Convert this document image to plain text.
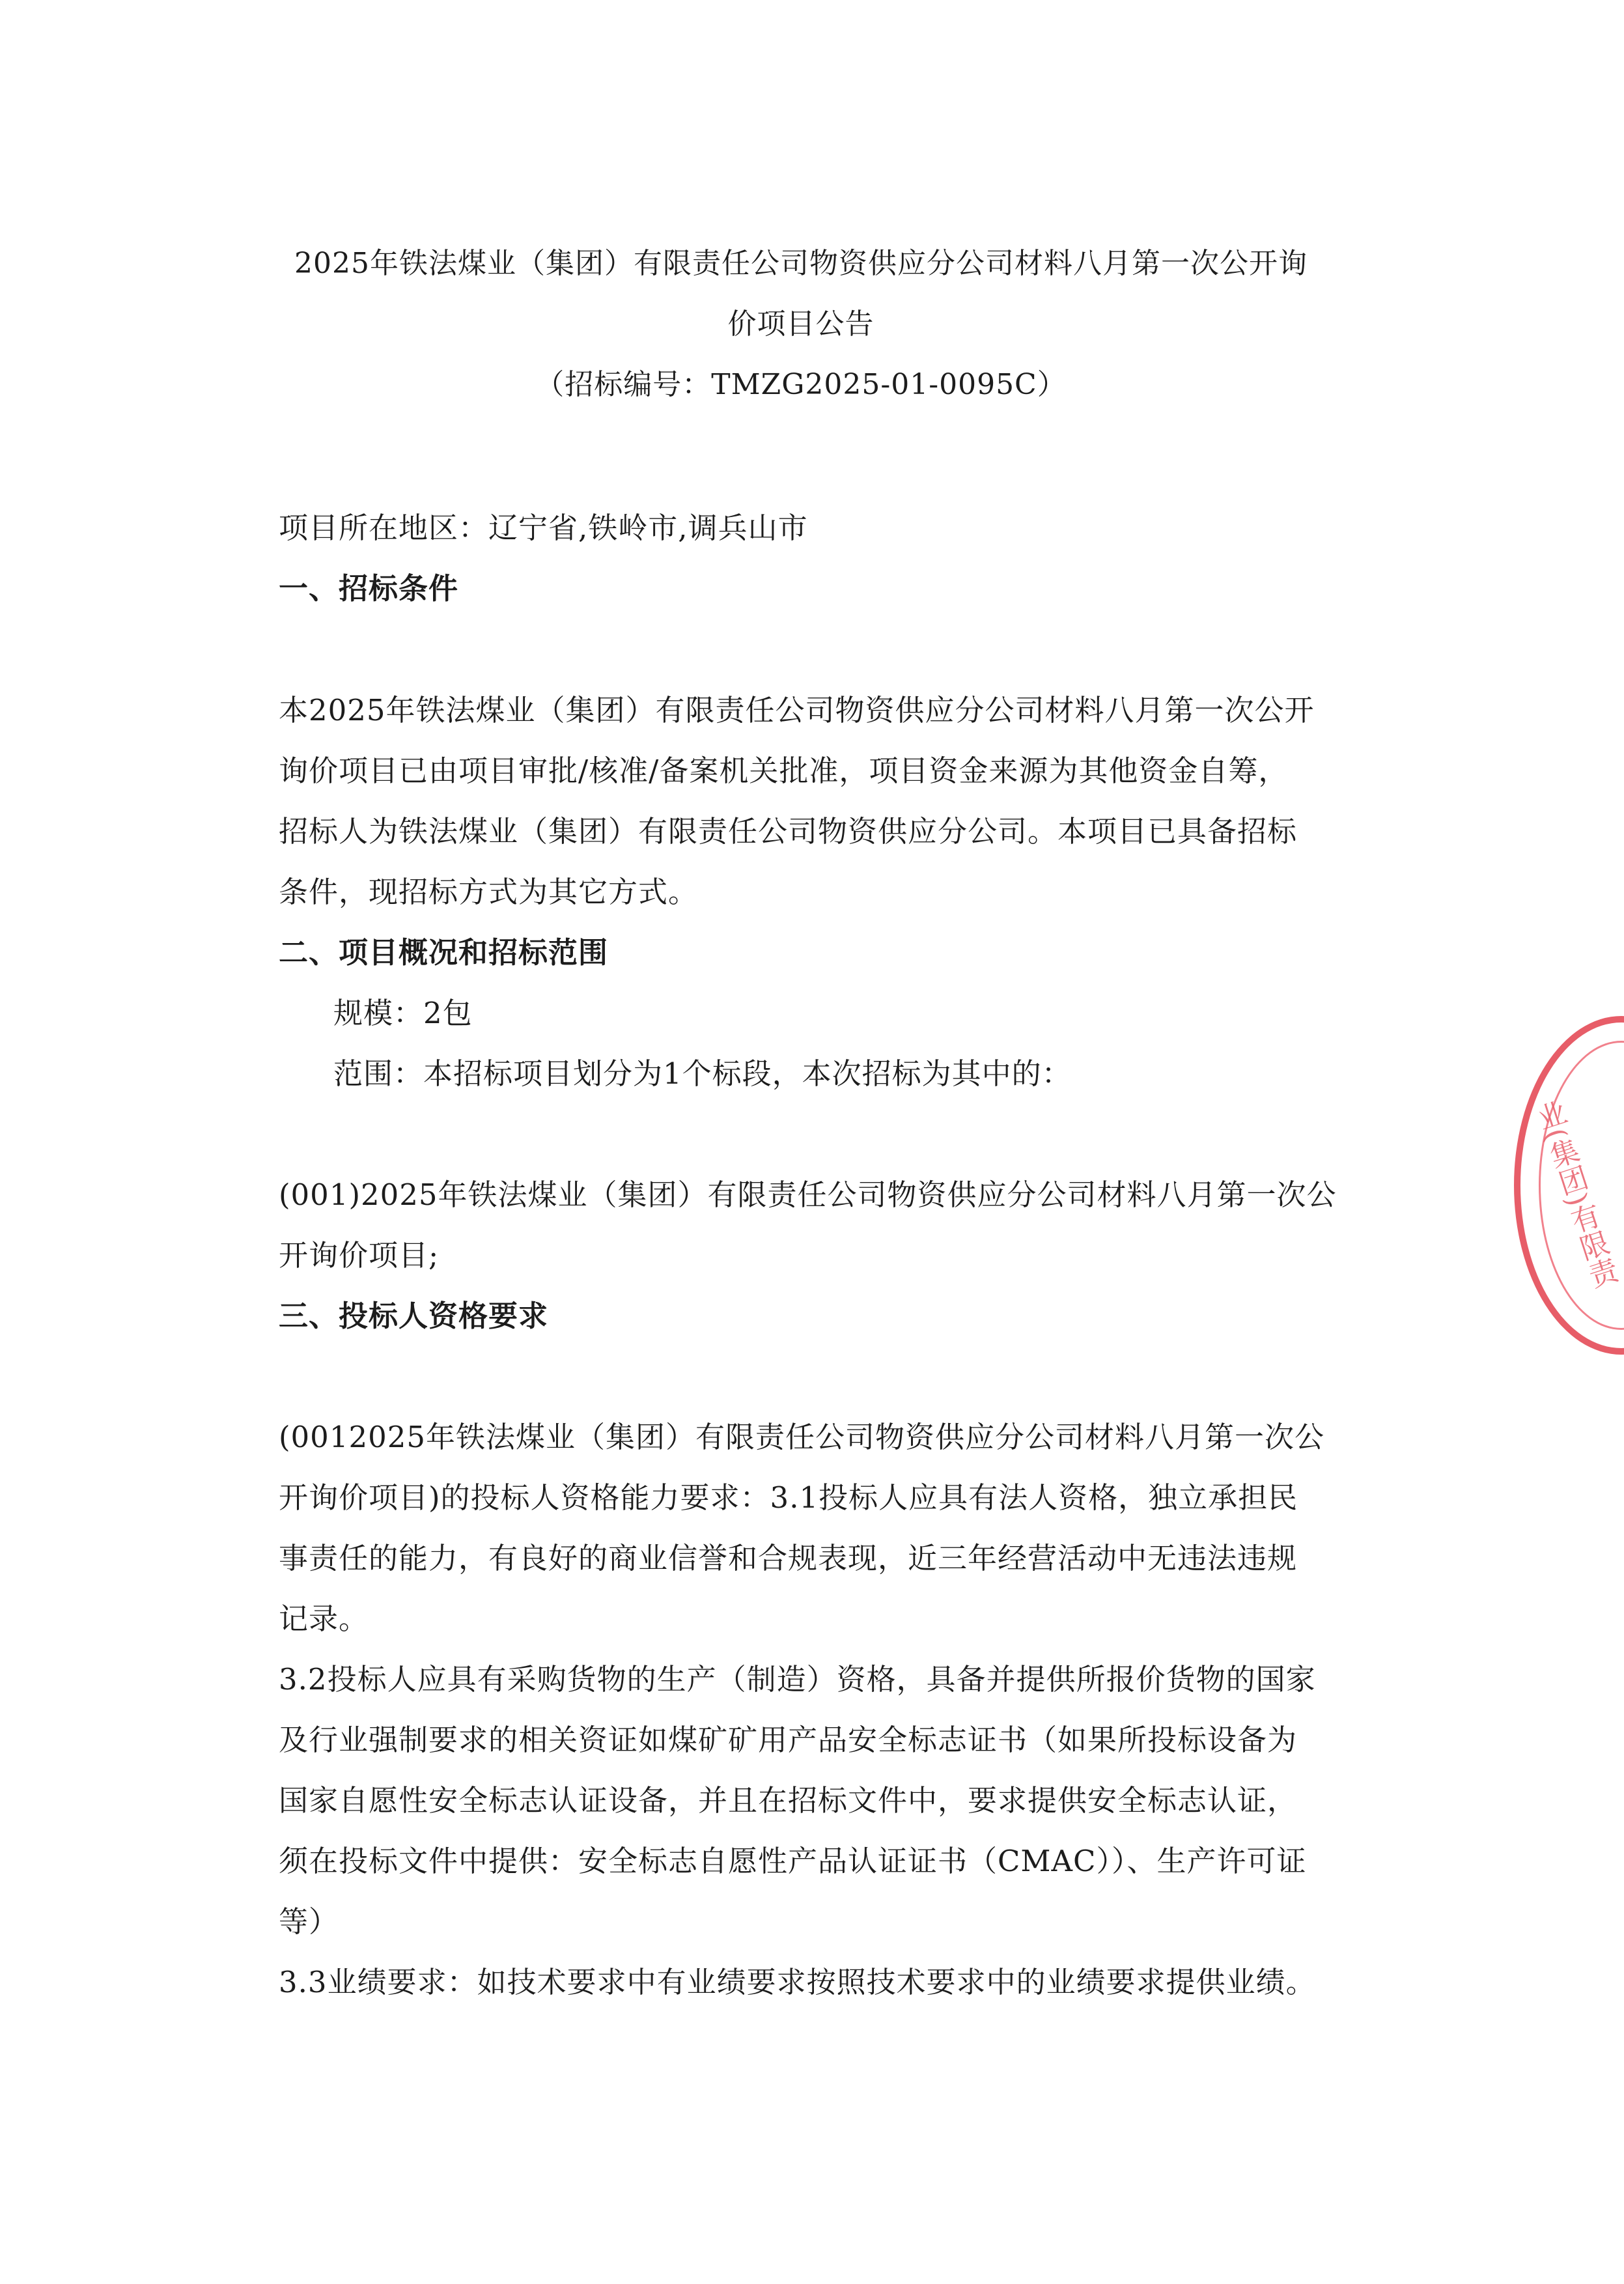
2025年铁法煤业（集团）有限责任公司物资供应分公司材料八月第一次公开询
价项目公告
（招标编号：TMZG2025-01-0095C）
项目所在地区：辽宁省,铁岭市,调兵山市
一、招标条件
本2025年铁法煤业（集团）有限责任公司物资供应分公司材料八月第一次公开
询价项目已由项目审批/核准/备案机关批准，项目资金来源为其他资金自筹，
招标人为铁法煤业（集团）有限责任公司物资供应分公司。本项目已具备招标
条件，现招标方式为其它方式。
二、项目概况和招标范围
规模：2包
范围：本招标项目划分为1个标段，本次招标为其中的：
(001)2025年铁法煤业（集团）有限责任公司物资供应分公司材料八月第一次公
开询价项目;
三、投标人资格要求
(0012025年铁法煤业（集团）有限责任公司物资供应分公司材料八月第一次公
开询价项目)的投标人资格能力要求：3.1投标人应具有法人资格，独立承担民
事责任的能力，有良好的商业信誉和合规表现，近三年经营活动中无违法违规
记录。
3.2投标人应具有采购货物的生产（制造）资格，具备并提供所报价货物的国家
及行业强制要求的相关资证如煤矿矿用产品安全标志证书（如果所投标设备为
国家自愿性安全标志认证设备，并且在招标文件中，要求提供安全标志认证，
须在投标文件中提供：安全标志自愿性产品认证证书（CMAC））、生产许可证
等）
3.3业绩要求：如技术要求中有业绩要求按照技术要求中的业绩要求提供业绩。
业(集团)有限责
